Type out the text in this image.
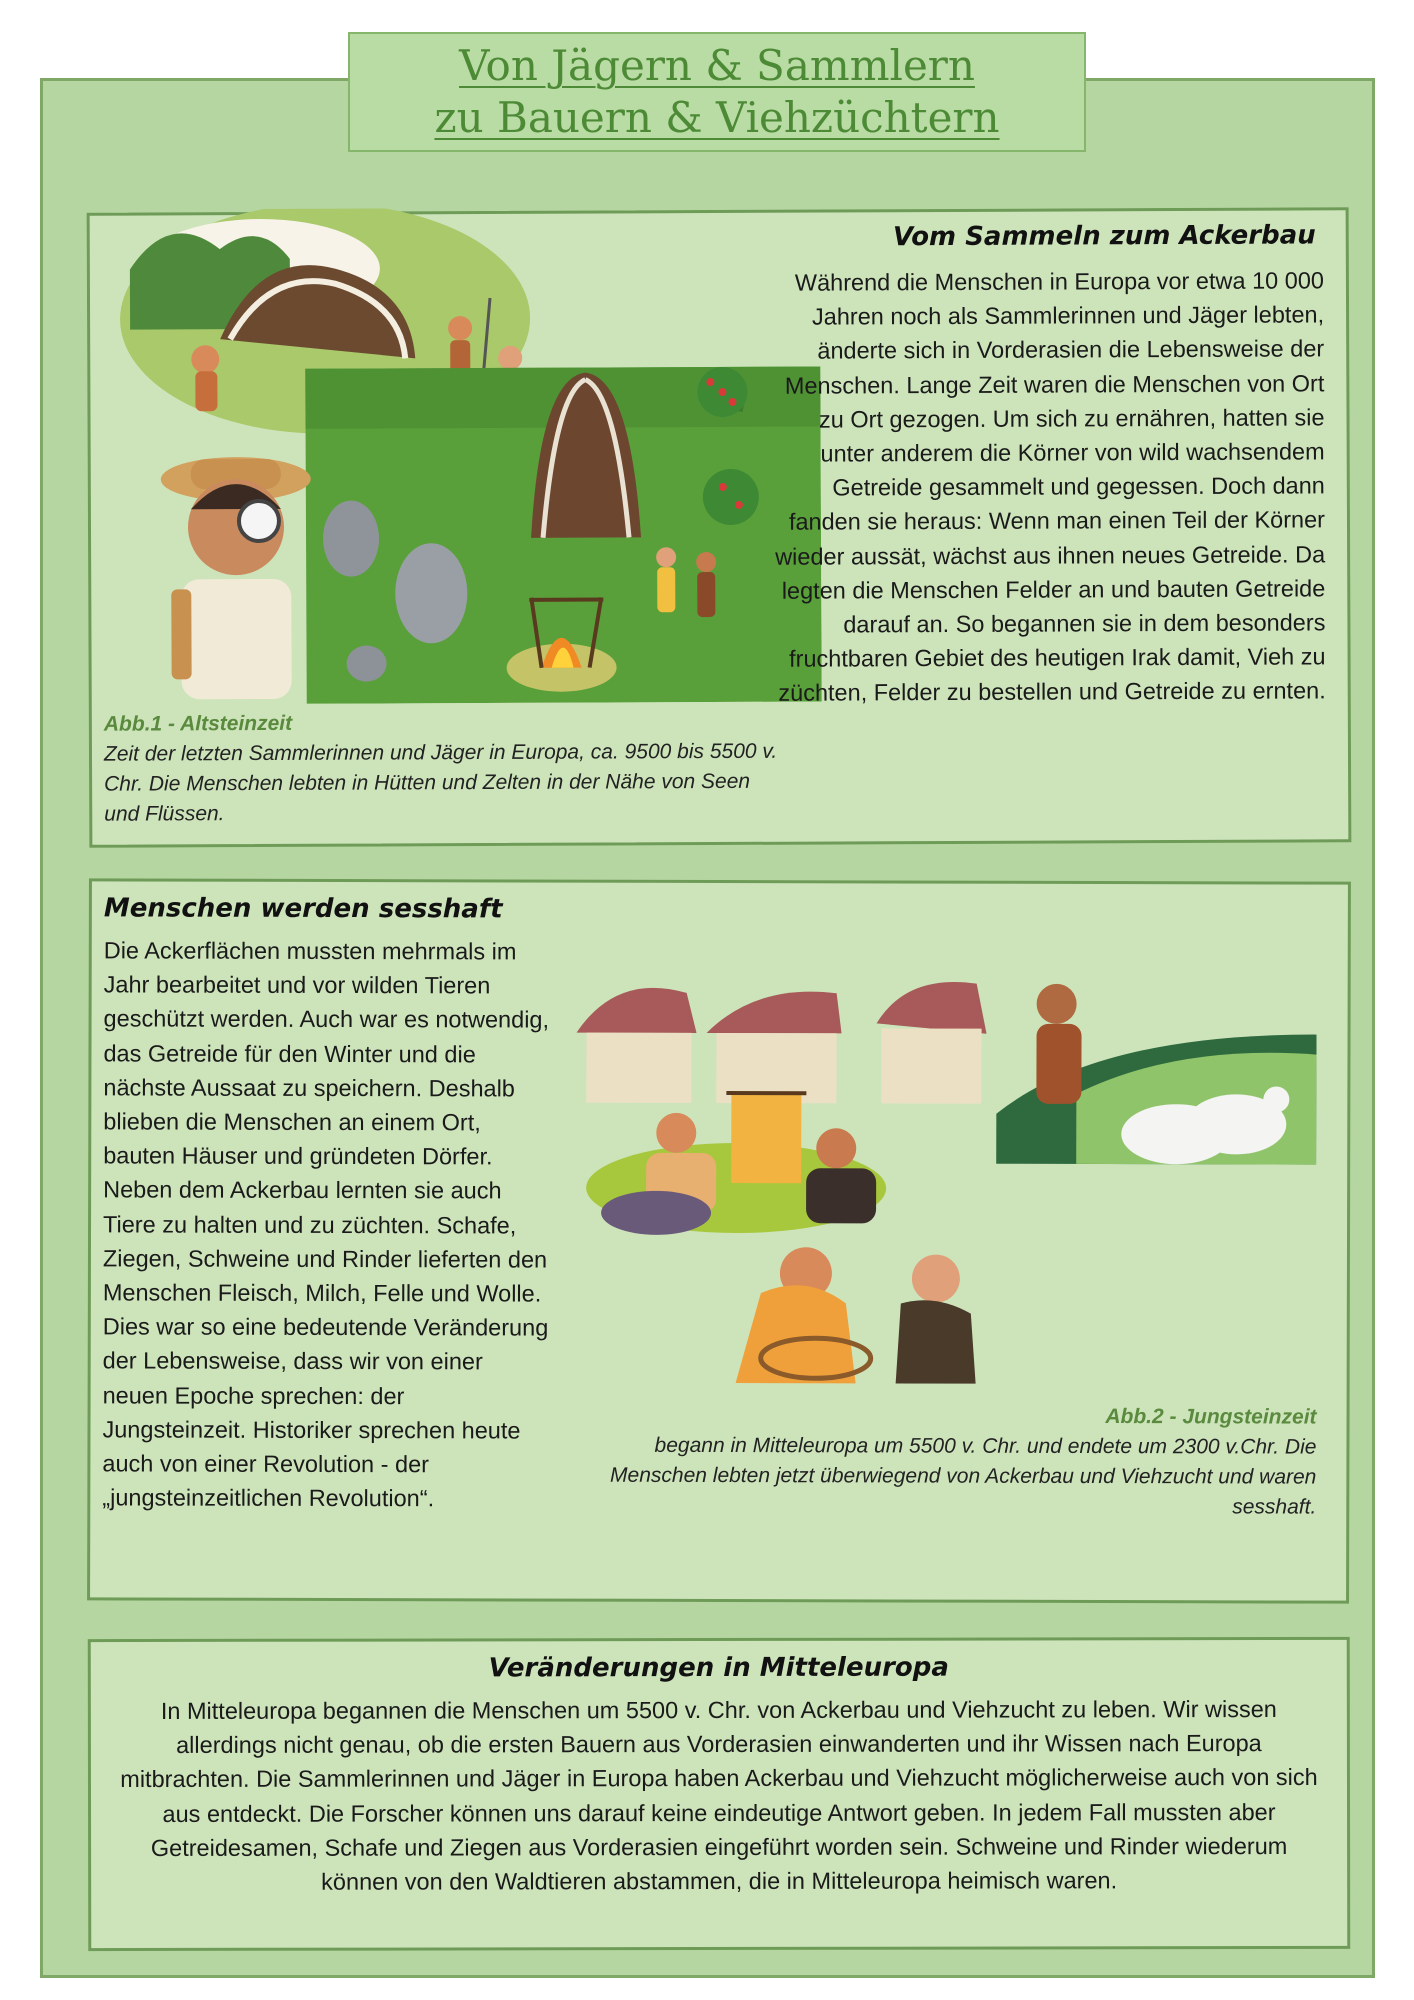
Von Jägern & Sammlern
zu Bauern & Viehzüchtern
Vom Sammeln zum Ackerbau
Während die Menschen in Europa vor etwa 10 000 Jahren noch als Sammlerinnen und Jäger lebten, änderte sich in Vorderasien die Lebensweise der Menschen. Lange Zeit waren die Menschen von Ort zu Ort gezogen. Um sich zu ernähren, hatten sie unter anderem die Körner von wild wachsendem Getreide gesammelt und gegessen. Doch dann fanden sie heraus: Wenn man einen Teil der Körner wieder aussät, wächst aus ihnen neues Getreide. Da legten die Menschen Felder an und bauten Getreide darauf an. So begannen sie in dem besonders fruchtbaren Gebiet des heutigen Irak damit, Vieh zu züchten, Felder zu bestellen und Getreide zu ernten.
Abb.1 - Altsteinzeit
Zeit der letzten Sammlerinnen und Jäger in Europa, ca. 9500 bis 5500 v. Chr. Die Menschen lebten in Hütten und Zelten in der Nähe von Seen und Flüssen.
Menschen werden sesshaft
Die Ackerflächen mussten mehrmals im Jahr bearbeitet und vor wilden Tieren geschützt werden. Auch war es notwendig, das Getreide für den Winter und die nächste Aussaat zu speichern. Deshalb blieben die Menschen an einem Ort, bauten Häuser und gründeten Dörfer. Neben dem Ackerbau lernten sie auch Tiere zu halten und zu züchten. Schafe, Ziegen, Schweine und Rinder lieferten den Menschen Fleisch, Milch, Felle und Wolle. Dies war so eine bedeutende Veränderung der Lebensweise, dass wir von einer neuen Epoche sprechen: der Jungsteinzeit. Historiker sprechen heute auch von einer Revolution - der „jungsteinzeitlichen Revolution“.
Abb.2 - Jungsteinzeit
begann in Mitteleuropa um 5500 v. Chr. und endete um 2300 v.Chr. Die Menschen lebten jetzt überwiegend von Ackerbau und Viehzucht und waren sesshaft.
Veränderungen in Mitteleuropa
In Mitteleuropa begannen die Menschen um 5500 v. Chr. von Ackerbau und Viehzucht zu leben. Wir wissen allerdings nicht genau, ob die ersten Bauern aus Vorderasien einwanderten und ihr Wissen nach Europa mitbrachten. Die Sammlerinnen und Jäger in Europa haben Ackerbau und Viehzucht möglicherweise auch von sich aus entdeckt. Die Forscher können uns darauf keine eindeutige Antwort geben. In jedem Fall mussten aber Getreidesamen, Schafe und Ziegen aus Vorderasien eingeführt worden sein. Schweine und Rinder wiederum können von den Waldtieren abstammen, die in Mitteleuropa heimisch waren.
